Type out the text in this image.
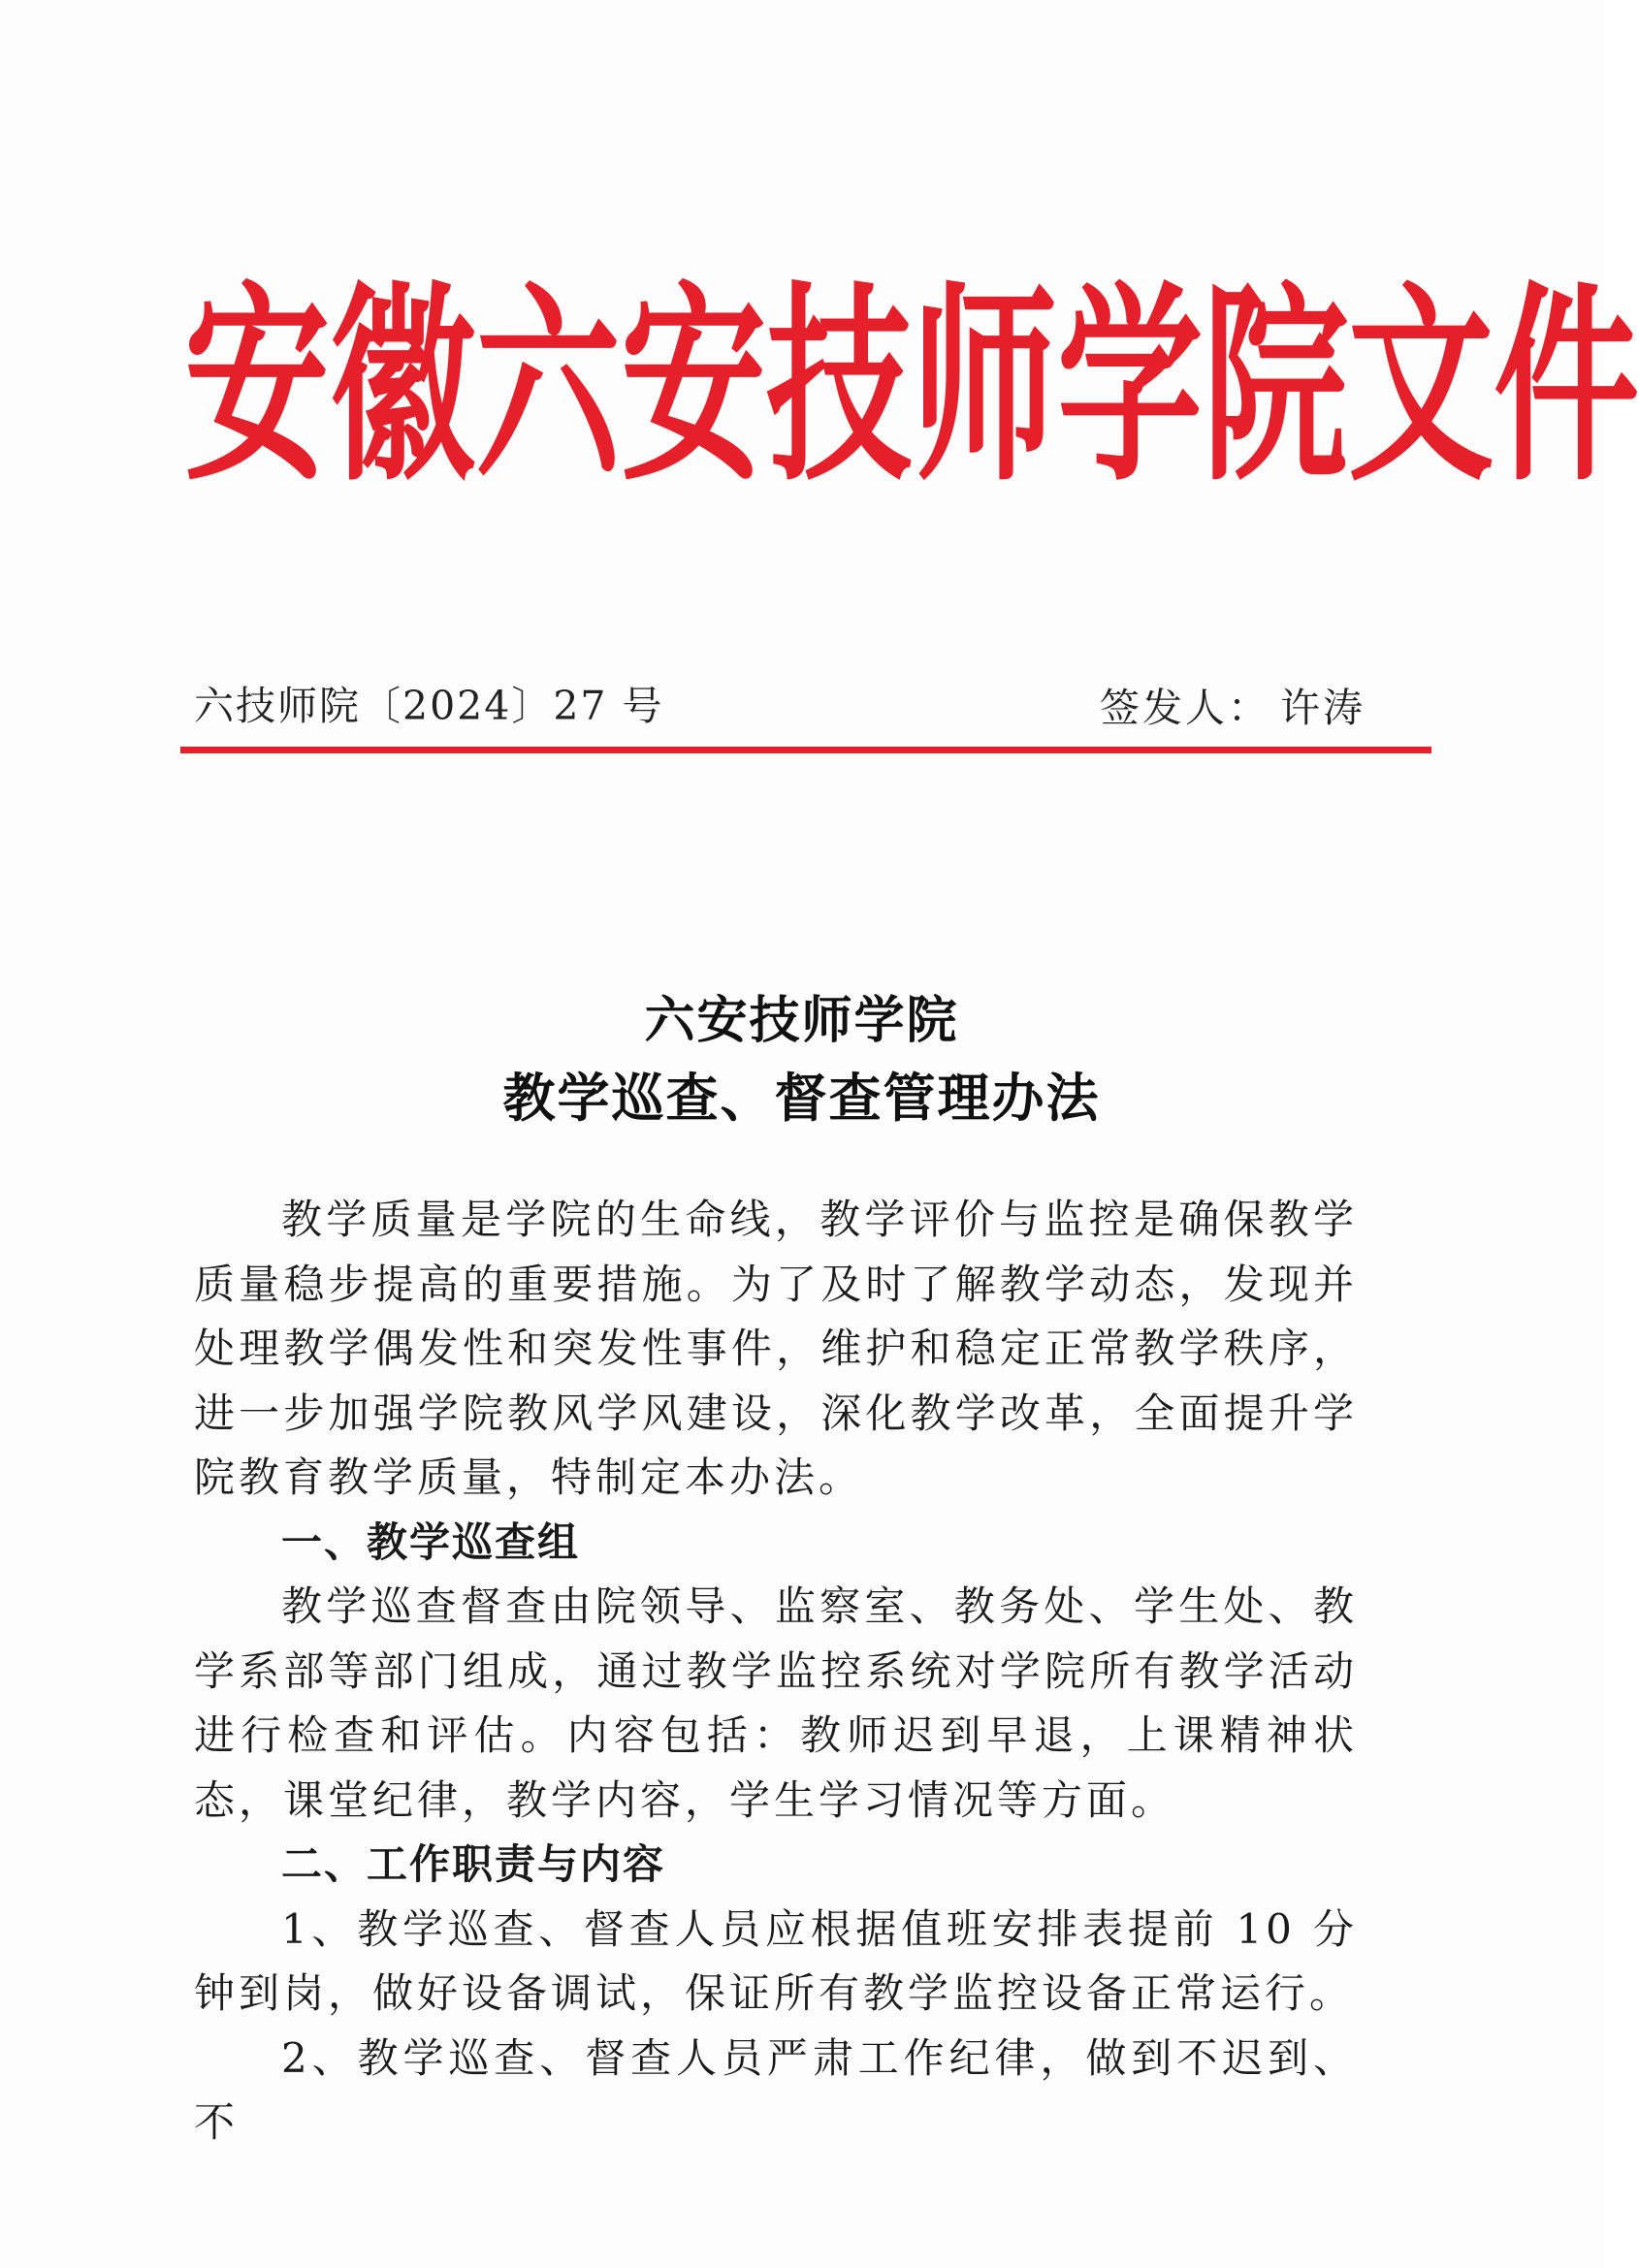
安 徽 六 安 技 师 学 院 文 件
六技师院〔2024〕27 号	签发人： 许涛
六安技师学院
教学巡查、督查管理办法

教学质量是学院的生命线，教学评价与监控是确保教学质量稳步提高的重要措施。为了及时了解教学动态，发现并处理教学偶发性和突发性事件，维护和稳定正常教学秩序，进一步加强学院教风学风建设，深化教学改革，全面提升学院教育教学质量，特制定本办法。

一、教学巡查组

教学巡查督查由院领导、监察室、教务处、学生处、教学系部等部门组成，通过教学监控系统对学院所有教学活动进行检查和评估。内容包括：教师迟到早退，上课精神状态，课堂纪律，教学内容，学生学习情况等方面。

二、工作职责与内容

1、教学巡查、督查人员应根据值班安排表提前 10 分钟到岗，做好设备调试，保证所有教学监控设备正常运行。

2、教学巡查、督查人员严肃工作纪律，做到不迟到、不
